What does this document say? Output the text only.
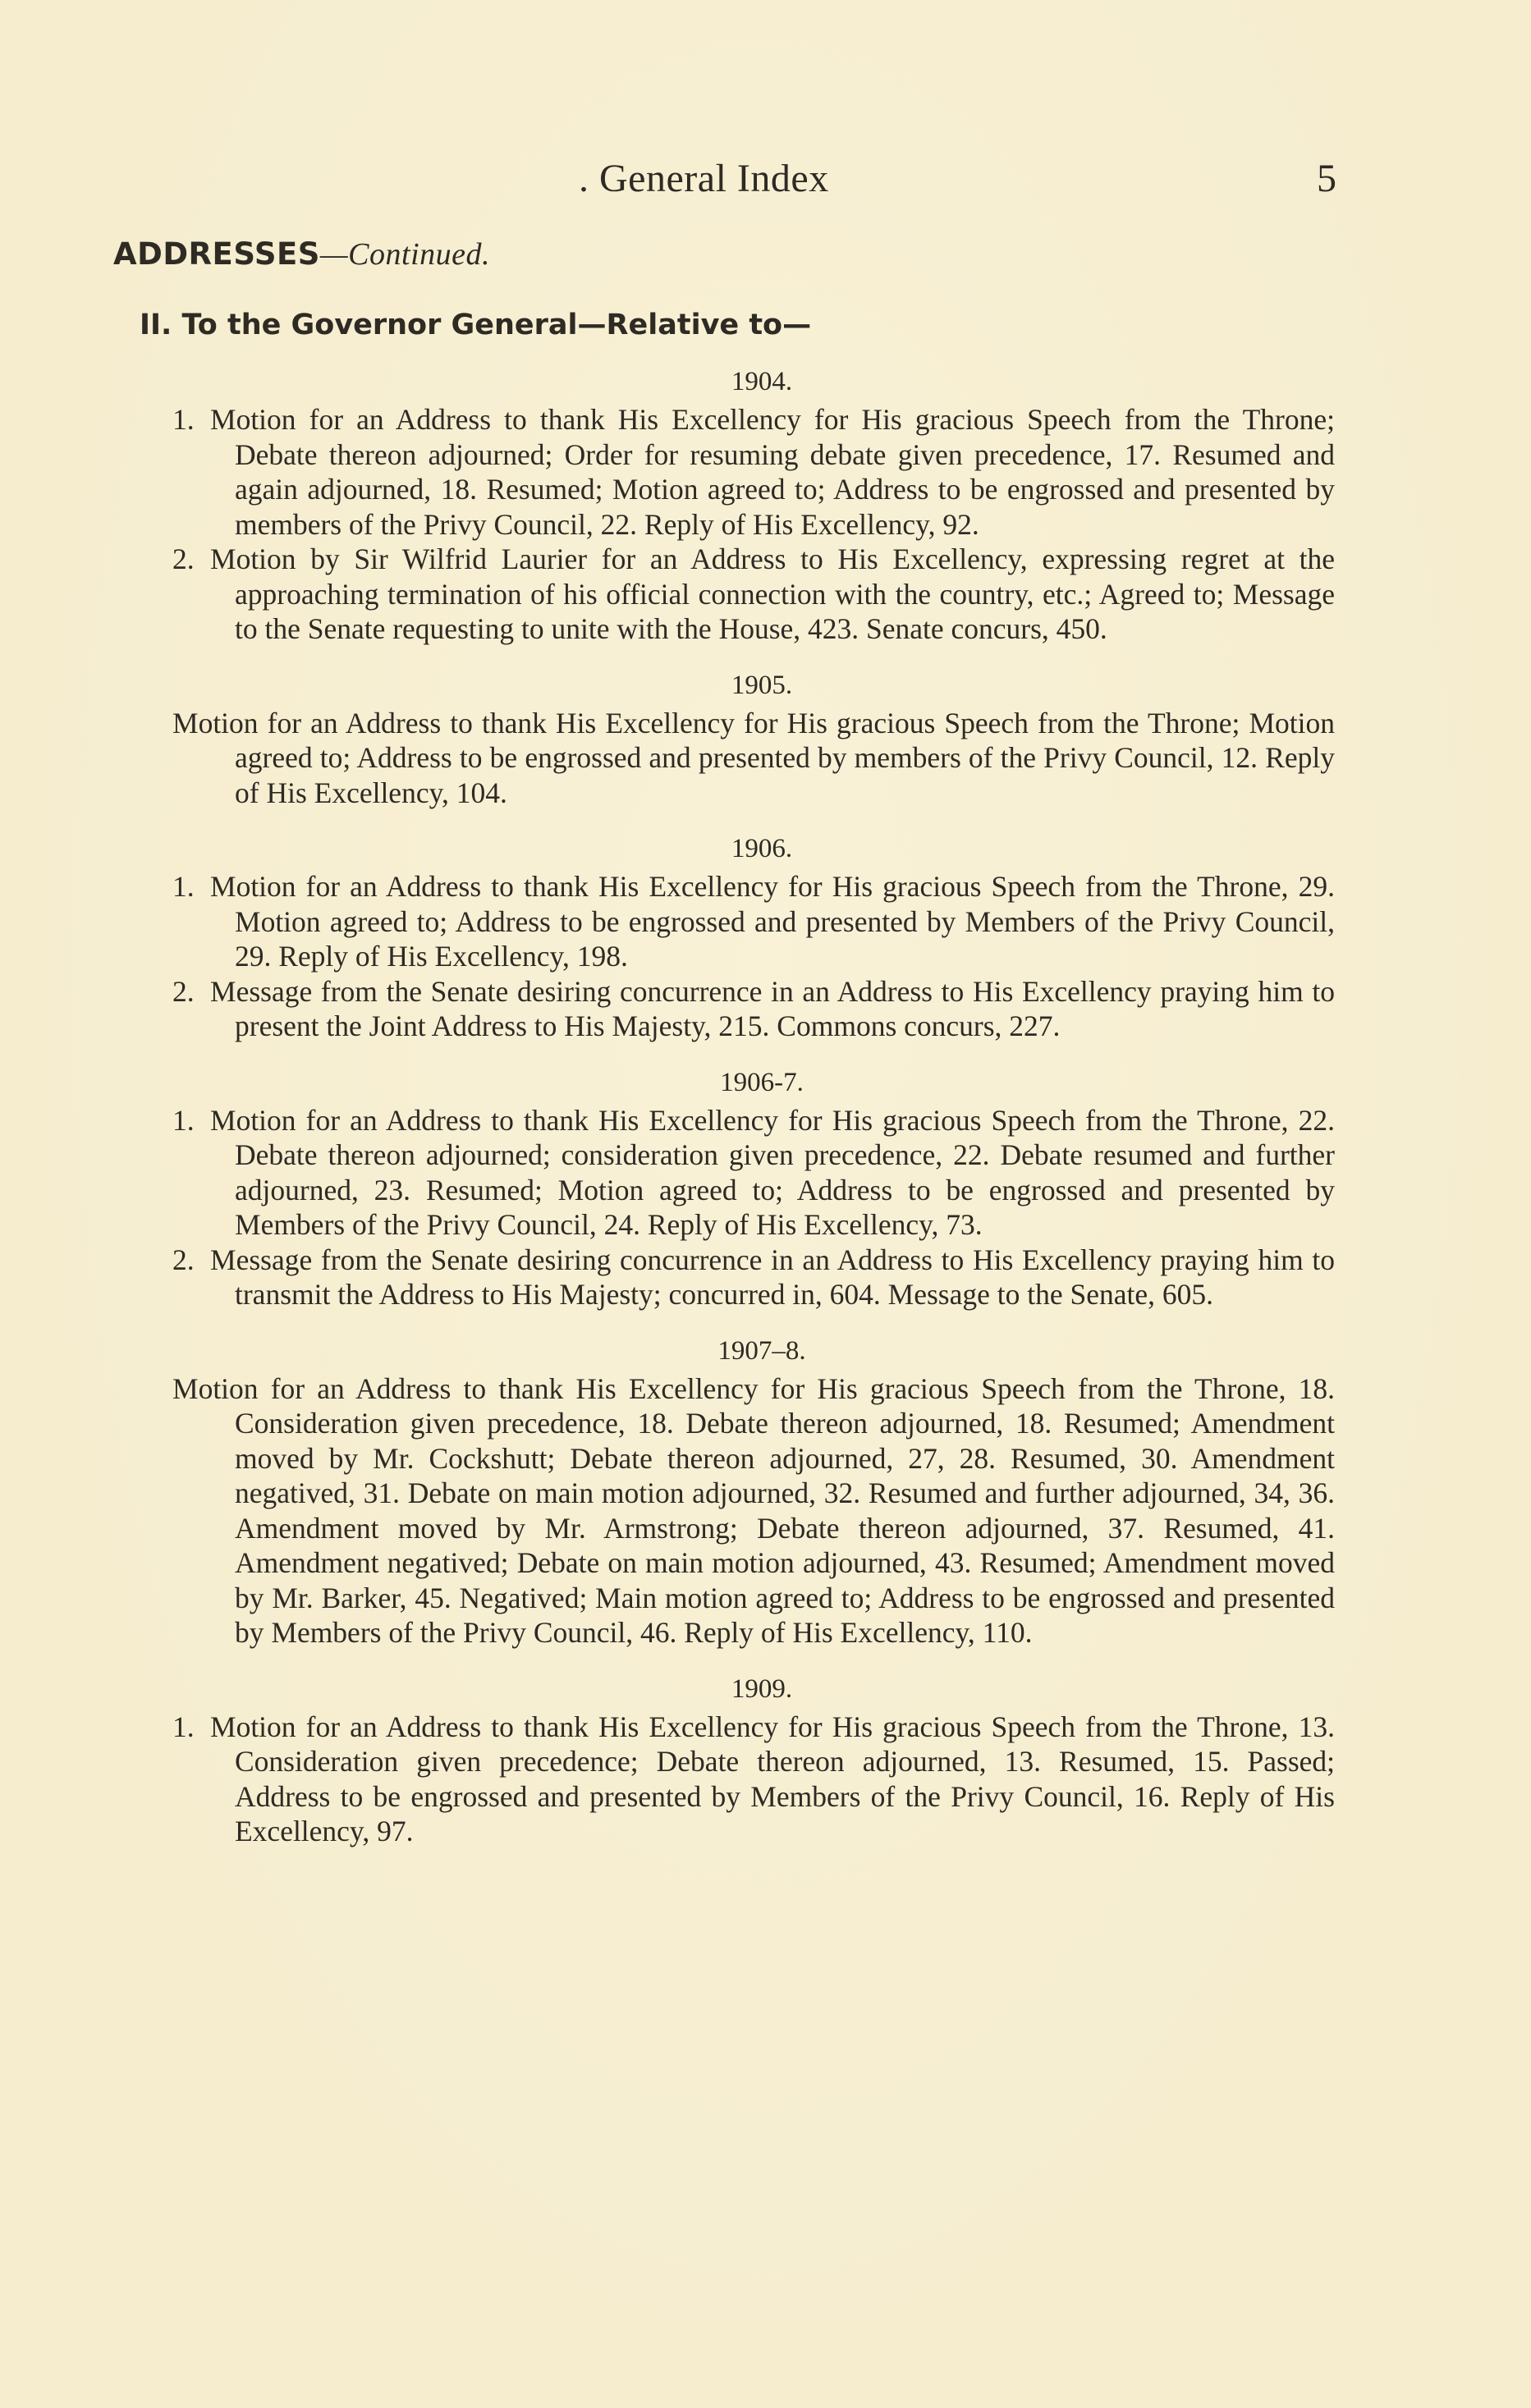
. General Index	5
ADDRESSES—Continued.
II. To the Governor General—Relative to—
1904.

1. Motion for an Address to thank His Excellency for His gracious Speech from the Throne; Debate thereon adjourned; Order for resuming debate given precedence, 17. Resumed and again adjourned, 18. Resumed; Motion agreed to; Address to be engrossed and presented by members of the Privy Council, 22. Reply of His Excellency, 92.

2. Motion by Sir Wilfrid Laurier for an Address to His Excellency, expressing regret at the approaching termination of his official connection with the country, etc.; Agreed to; Message to the Senate requesting to unite with the House, 423. Senate concurs, 450.

1905.

Motion for an Address to thank His Excellency for His gracious Speech from the Throne; Motion agreed to; Address to be engrossed and presented by members of the Privy Council, 12. Reply of His Excellency, 104.

1906.

1. Motion for an Address to thank His Excellency for His gracious Speech from the Throne, 29. Motion agreed to; Address to be engrossed and presented by Members of the Privy Council, 29. Reply of His Excellency, 198.

2. Message from the Senate desiring concurrence in an Address to His Excellency praying him to present the Joint Address to His Majesty, 215. Commons concurs, 227.

1906-7.

1. Motion for an Address to thank His Excellency for His gracious Speech from the Throne, 22. Debate thereon adjourned; consideration given precedence, 22. Debate resumed and further adjourned, 23. Resumed; Motion agreed to; Address to be engrossed and presented by Members of the Privy Council, 24. Reply of His Excellency, 73.

2. Message from the Senate desiring concurrence in an Address to His Excellency praying him to transmit the Address to His Majesty; concurred in, 604. Message to the Senate, 605.

1907–8.

Motion for an Address to thank His Excellency for His gracious Speech from the Throne, 18. Consideration given precedence, 18. Debate thereon adjourned, 18. Resumed; Amendment moved by Mr. Cockshutt; Debate thereon adjourned, 27, 28. Resumed, 30. Amendment negatived, 31. Debate on main motion adjourned, 32. Resumed and further adjourned, 34, 36. Amendment moved by Mr. Armstrong; Debate thereon adjourned, 37. Resumed, 41. Amendment negatived; Debate on main motion adjourned, 43. Resumed; Amendment moved by Mr. Barker, 45. Negatived; Main motion agreed to; Address to be engrossed and presented by Members of the Privy Council, 46. Reply of His Excellency, 110.

1909.

1. Motion for an Address to thank His Excellency for His gracious Speech from the Throne, 13. Consideration given precedence; Debate thereon adjourned, 13. Resumed, 15. Passed; Address to be engrossed and presented by Members of the Privy Council, 16. Reply of His Excellency, 97.
